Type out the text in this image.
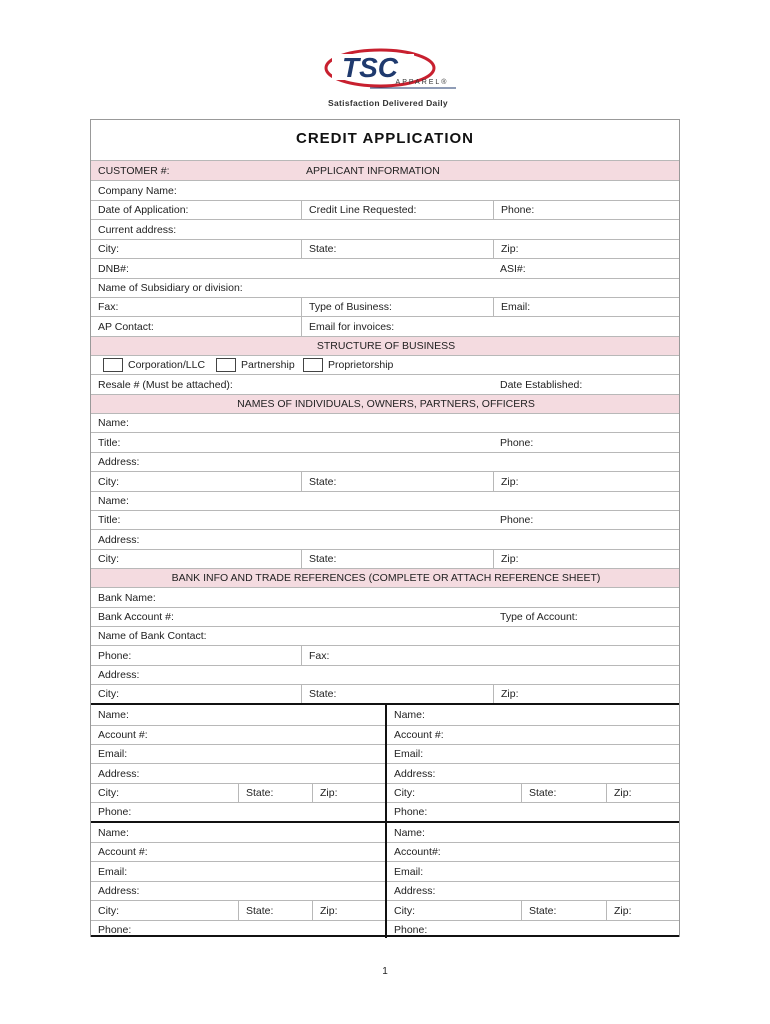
TSC
APPAREL®
Satisfaction Delivered Daily
CREDIT APPLICATION
CUSTOMER #:	APPLICANT INFORMATION
Company Name:
Date of Application:	Credit Line Requested:	Phone:
Current address:
City:	State:	Zip:
DNB#:	ASI#:
Name of Subsidiary or division:
Fax:	Type of Business:	Email:
AP Contact:	Email for invoices:
STRUCTURE OF BUSINESS
Corporation/LLC	Partnership	Proprietorship
Resale # (Must be attached):	Date Established:
NAMES OF INDIVIDUALS, OWNERS, PARTNERS, OFFICERS
Name:
Title:	Phone:
Address:
City:	State:	Zip:
Name:
Title:	Phone:
Address:
City:	State:	Zip:
BANK INFO AND TRADE REFERENCES (COMPLETE OR ATTACH REFERENCE SHEET)
Bank Name:
Bank Account #:	Type of Account:
Name of Bank Contact:
Phone:	Fax:
Address:
City:	State:	Zip:
Name:	Name:
Account #:	Account #:
Email:	Email:
Address:	Address:
City:	State:	Zip:	City:	State:	Zip:
Phone:	Phone:
Name:	Name:
Account #:	Account#:
Email:	Email:
Address:	Address:
City:	State:	Zip:	City:	State:	Zip:
Phone:	Phone:
1
